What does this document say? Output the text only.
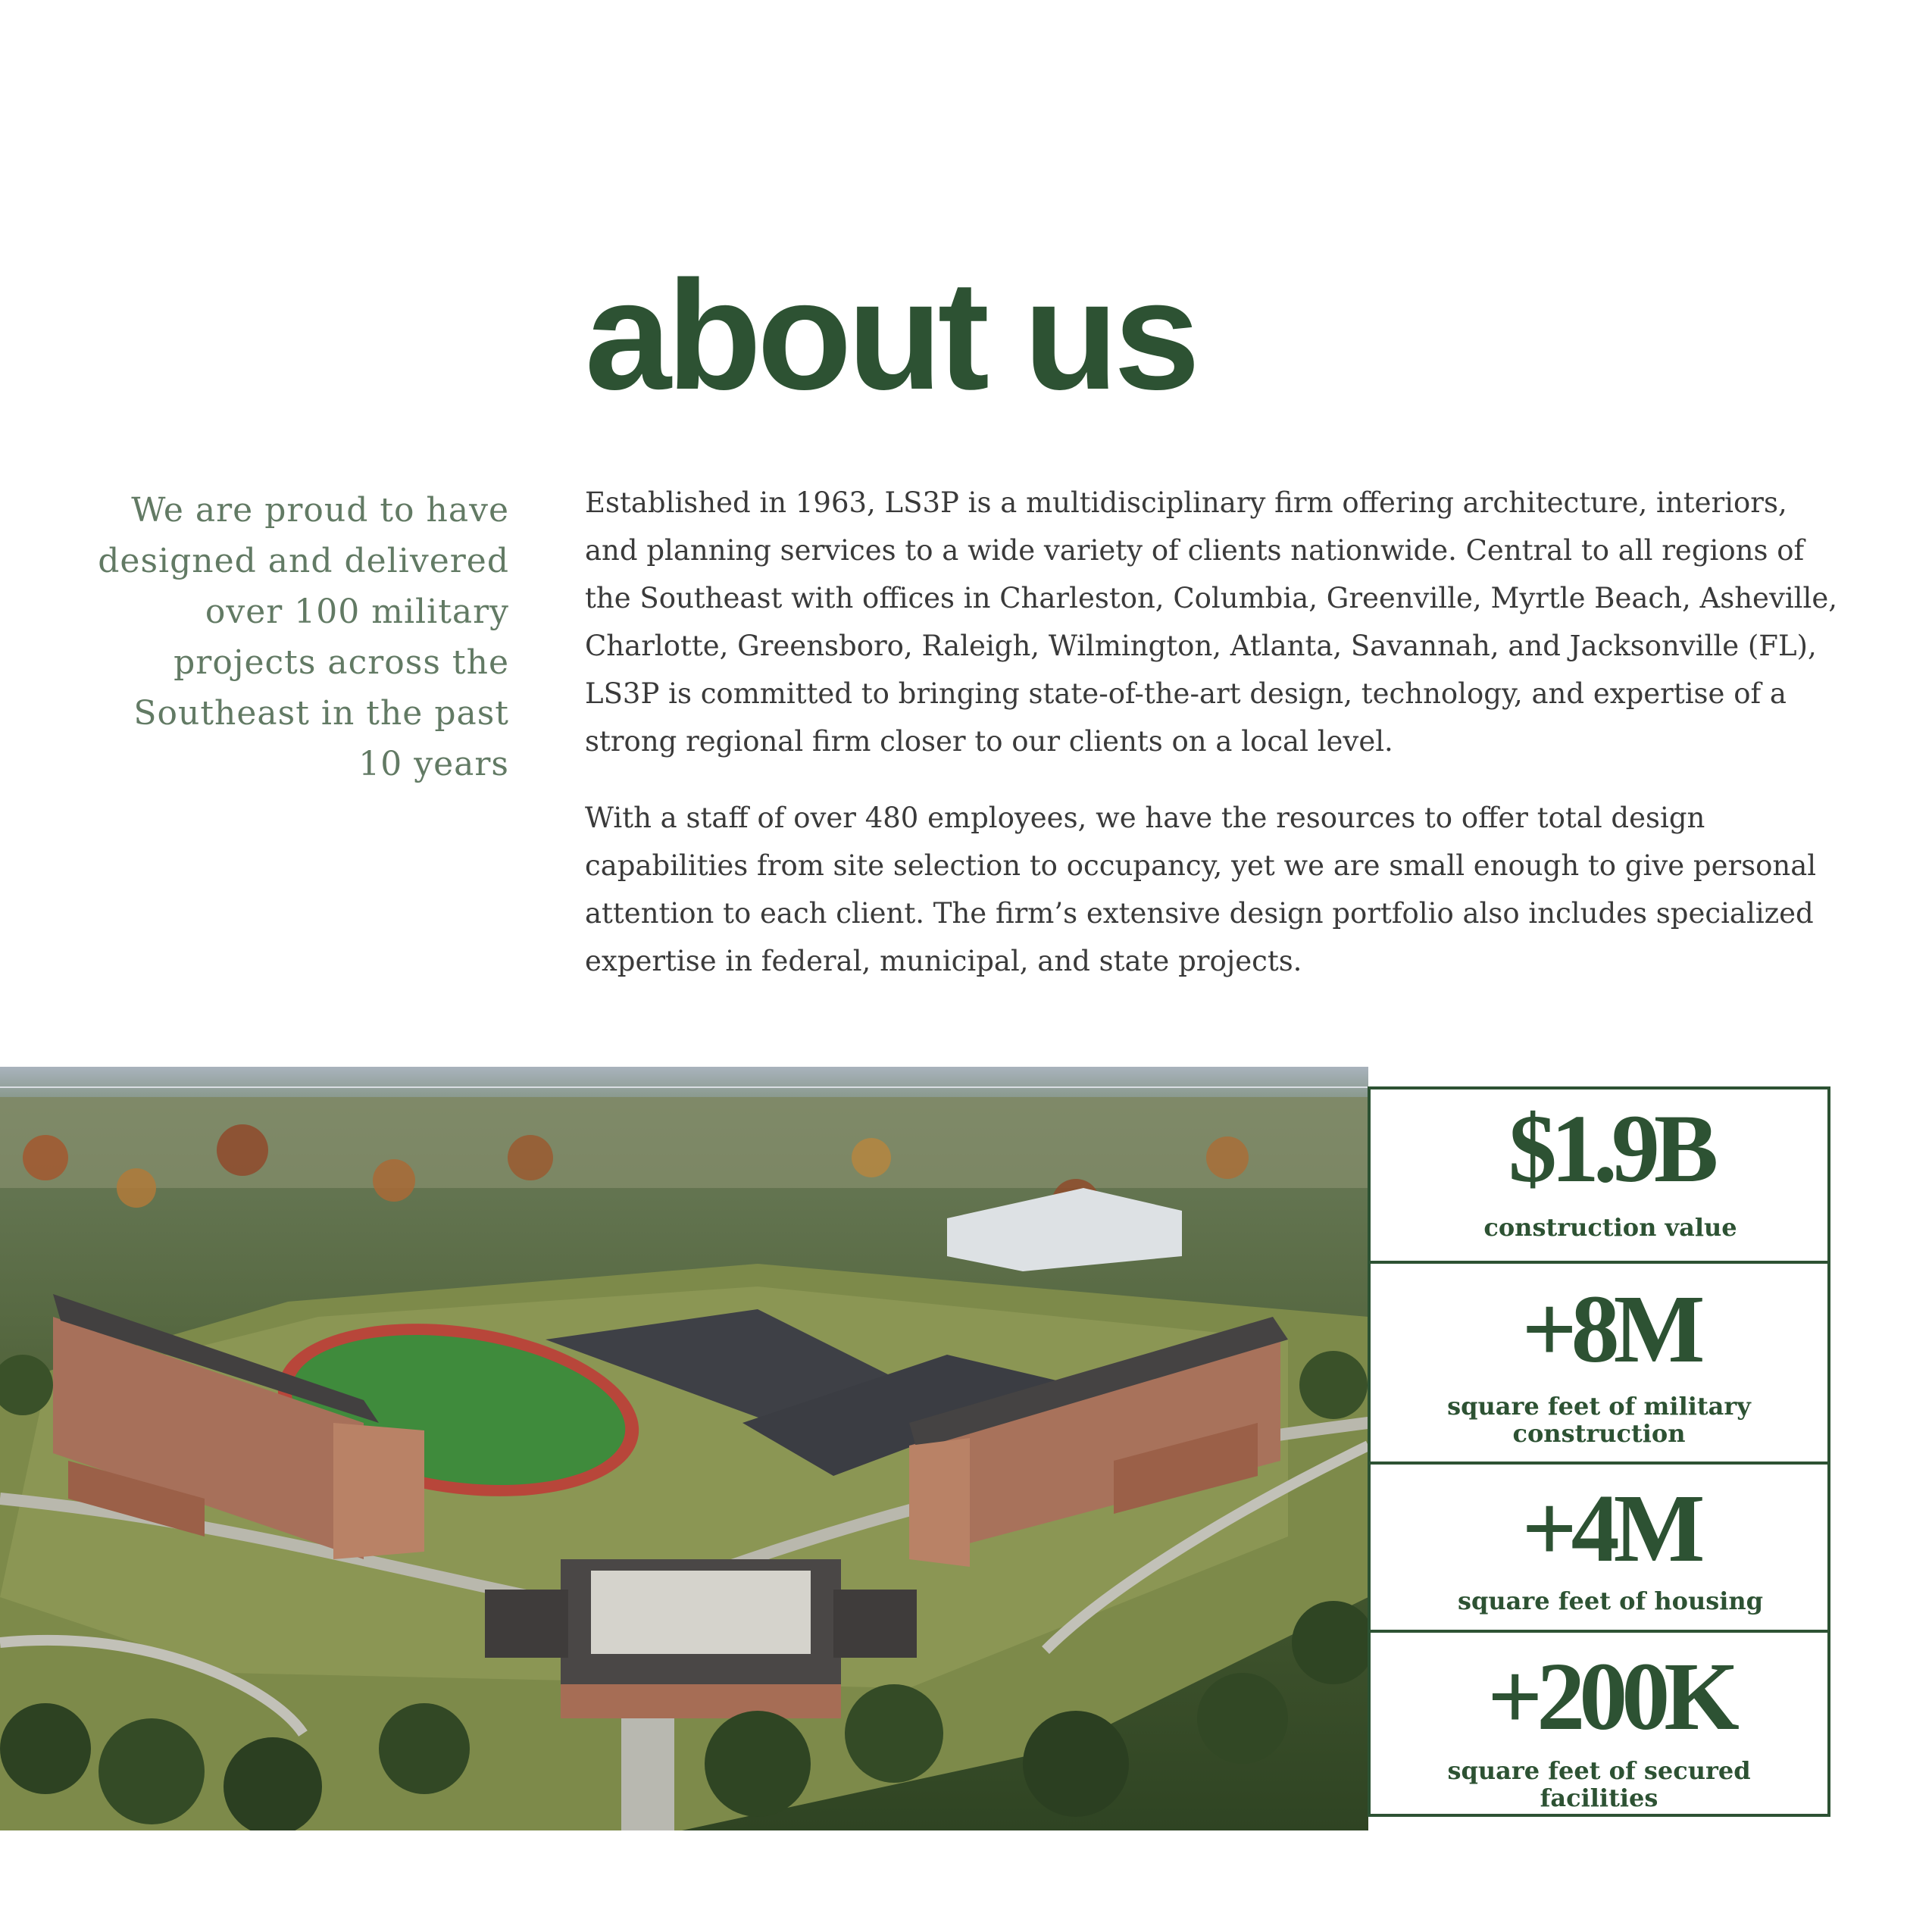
about us

We are proud to have designed and delivered over 100 military projects across the Southeast in the past 10 years

Established in 1963, LS3P is a multidisciplinary firm offering architecture, interiors, and planning services to a wide variety of clients nationwide. Central to all regions of the Southeast with offices in Charleston, Columbia, Greenville, Myrtle Beach, Asheville, Charlotte, Greensboro, Raleigh, Wilmington, Atlanta, Savannah, and Jacksonville (FL), LS3P is committed to bringing state-of-the-art design, technology, and expertise of a strong regional firm closer to our clients on a local level.

With a staff of over 480 employees, we have the resources to offer total design capabilities from site selection to occupancy, yet we are small enough to give personal attention to each client. The firm’s extensive design portfolio also includes specialized expertise in federal, municipal, and state projects.

$1.9B
construction value
+8M
square feet of military construction
+4M
square feet of housing
+200K
square feet of secured facilities
